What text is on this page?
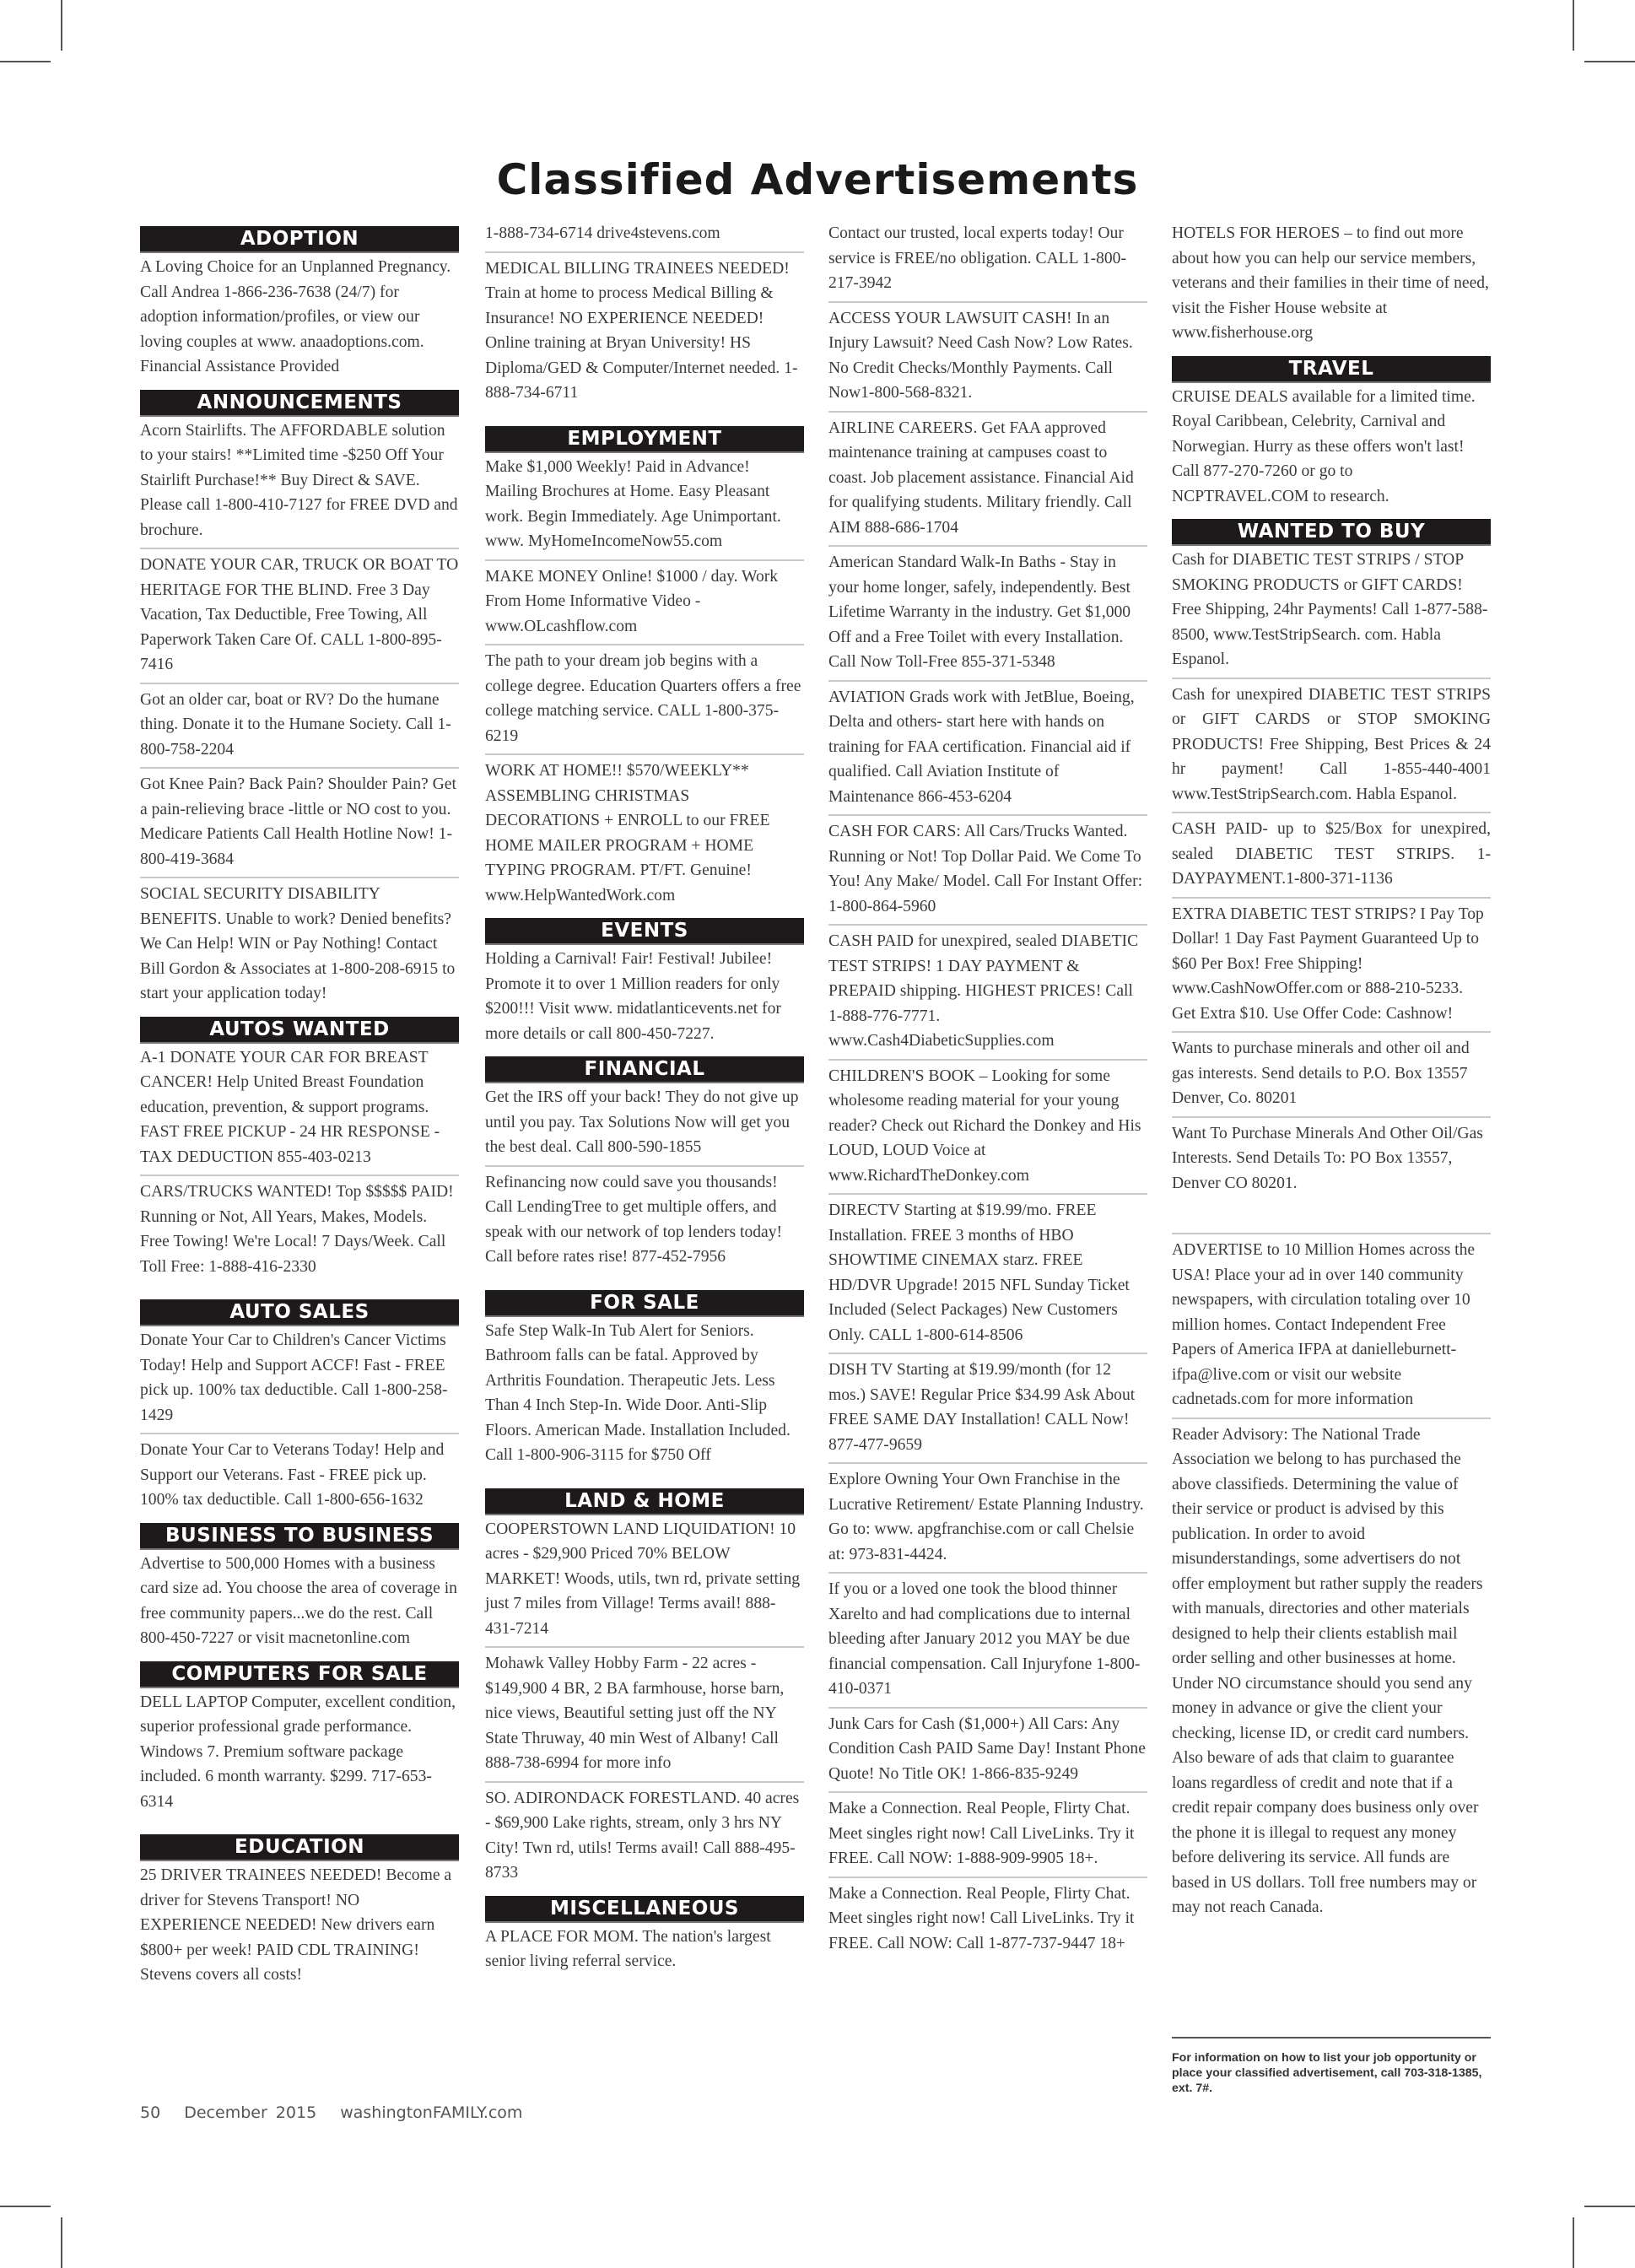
Classified Advertisements
ADOPTION
A Loving Choice for an Unplanned Pregnancy. Call Andrea 1-866-236-7638 (24/7) for adoption information/profiles, or view our loving couples at www. anaadoptions.com. Financial Assistance Provided
ANNOUNCEMENTS
Acorn Stairlifts. The AFFORDABLE solution to your stairs! **Limited time -$250 Off Your Stairlift Purchase!** Buy Direct & SAVE. Please call 1-800-410-7127 for FREE DVD and brochure.
DONATE YOUR CAR, TRUCK OR BOAT TO HERITAGE FOR THE BLIND. Free 3 Day Vacation, Tax Deductible, Free Towing, All Paperwork Taken Care Of. CALL 1-800-895-7416
Got an older car, boat or RV? Do the humane thing. Donate it to the Humane Society. Call 1- 800-758-2204
Got Knee Pain? Back Pain? Shoulder Pain? Get a pain-relieving brace -little or NO cost to you. Medicare Patients Call Health Hotline Now! 1- 800-419-3684
SOCIAL SECURITY DISABILITY BENEFITS. Unable to work? Denied benefits? We Can Help! WIN or Pay Nothing! Contact Bill Gordon & Associates at 1-800-208-6915 to start your application today!
AUTOS WANTED
A-1 DONATE YOUR CAR FOR BREAST CANCER! Help United Breast Foundation education, prevention, & support programs. FAST FREE PICKUP - 24 HR RESPONSE - TAX DEDUCTION 855-403-0213
CARS/TRUCKS WANTED! Top $$$$$ PAID! Running or Not, All Years, Makes, Models. Free Towing! We're Local! 7 Days/Week. Call Toll Free: 1-888-416-2330
AUTO SALES
Donate Your Car to Children's Cancer Victims Today! Help and Support ACCF! Fast - FREE pick up. 100% tax deductible. Call 1-800-258-1429
Donate Your Car to Veterans Today! Help and Support our Veterans. Fast - FREE pick up. 100% tax deductible. Call 1-800-656-1632
BUSINESS TO BUSINESS
Advertise to 500,000 Homes with a business card size ad. You choose the area of coverage in free community papers...we do the rest. Call 800-450-7227 or visit macnetonline.com
COMPUTERS FOR SALE
DELL LAPTOP Computer, excellent condition, superior professional grade performance. Windows 7. Premium software package included. 6 month warranty. $299. 717-653-6314
EDUCATION
25 DRIVER TRAINEES NEEDED! Become a driver for Stevens Transport! NO EXPERIENCE NEEDED! New drivers earn $800+ per week! PAID CDL TRAINING! Stevens covers all costs!
1-888-734-6714 drive4stevens.com
MEDICAL BILLING TRAINEES NEEDED! Train at home to process Medical Billing & Insurance! NO EXPERIENCE NEEDED! Online training at Bryan University! HS Diploma/GED & Computer/Internet needed. 1-888-734-6711
EMPLOYMENT
Make $1,000 Weekly! Paid in Advance! Mailing Brochures at Home. Easy Pleasant work. Begin Immediately. Age Unimportant. www. MyHomeIncomeNow55.com
MAKE MONEY Online! $1000 / day. Work From Home Informative Video - www.OLcashflow.com
The path to your dream job begins with a college degree. Education Quarters offers a free college matching service. CALL 1-800-375-6219
WORK AT HOME!! $570/WEEKLY** ASSEMBLING CHRISTMAS DECORATIONS + ENROLL to our FREE HOME MAILER PROGRAM + HOME TYPING PROGRAM. PT/FT. Genuine! www.HelpWantedWork.com
EVENTS
Holding a Carnival! Fair! Festival! Jubilee! Promote it to over 1 Million readers for only $200!!! Visit www. midatlanticevents.net for more details or call 800-450-7227.
FINANCIAL
Get the IRS off your back! They do not give up until you pay. Tax Solutions Now will get you the best deal. Call 800-590-1855
Refinancing now could save you thousands! Call LendingTree to get multiple offers, and speak with our network of top lenders today! Call before rates rise! 877-452-7956
FOR SALE
Safe Step Walk-In Tub Alert for Seniors. Bathroom falls can be fatal. Approved by Arthritis Foundation. Therapeutic Jets. Less Than 4 Inch Step-In. Wide Door. Anti-Slip Floors. American Made. Installation Included. Call 1-800-906-3115 for $750 Off
LAND & HOME
COOPERSTOWN LAND LIQUIDATION! 10 acres - $29,900 Priced 70% BELOW MARKET! Woods, utils, twn rd, private setting just 7 miles from Village! Terms avail! 888-431-7214
Mohawk Valley Hobby Farm - 22 acres - $149,900 4 BR, 2 BA farmhouse, horse barn, nice views, Beautiful setting just off the NY State Thruway, 40 min West of Albany! Call 888-738-6994 for more info
SO. ADIRONDACK FORESTLAND. 40 acres - $69,900 Lake rights, stream, only 3 hrs NY City! Twn rd, utils! Terms avail! Call 888-495-8733
MISCELLANEOUS
A PLACE FOR MOM. The nation's largest senior living referral service.
Contact our trusted, local experts today! Our service is FREE/no obligation. CALL 1-800-217-3942
ACCESS YOUR LAWSUIT CASH! In an Injury Lawsuit? Need Cash Now? Low Rates. No Credit Checks/Monthly Payments. Call Now1-800-568-8321.
AIRLINE CAREERS. Get FAA approved maintenance training at campuses coast to coast. Job placement assistance. Financial Aid for qualifying students. Military friendly. Call AIM 888-686-1704
American Standard Walk-In Baths - Stay in your home longer, safely, independently. Best Lifetime Warranty in the industry. Get $1,000 Off and a Free Toilet with every Installation. Call Now Toll-Free 855-371-5348
AVIATION Grads work with JetBlue, Boeing, Delta and others- start here with hands on training for FAA certification. Financial aid if qualified. Call Aviation Institute of Maintenance 866-453-6204
CASH FOR CARS: All Cars/Trucks Wanted. Running or Not! Top Dollar Paid. We Come To You! Any Make/ Model. Call For Instant Offer: 1-800-864-5960
CASH PAID for unexpired, sealed DIABETIC TEST STRIPS! 1 DAY PAYMENT & PREPAID shipping. HIGHEST PRICES! Call 1-888-776-7771. www.Cash4DiabeticSupplies.com
CHILDREN'S BOOK – Looking for some wholesome reading material for your young reader? Check out Richard the Donkey and His LOUD, LOUD Voice at www.RichardTheDonkey.com
DIRECTV Starting at $19.99/mo. FREE Installation. FREE 3 months of HBO SHOWTIME CINEMAX starz. FREE HD/DVR Upgrade! 2015 NFL Sunday Ticket Included (Select Packages) New Customers Only. CALL 1-800-614-8506
DISH TV Starting at $19.99/month (for 12 mos.) SAVE! Regular Price $34.99 Ask About FREE SAME DAY Installation! CALL Now! 877-477-9659
Explore Owning Your Own Franchise in the Lucrative Retirement/ Estate Planning Industry. Go to: www. apgfranchise.com or call Chelsie at: 973-831-4424.
If you or a loved one took the blood thinner Xarelto and had complications due to internal bleeding after January 2012 you MAY be due financial compensation. Call Injuryfone 1-800-410-0371
Junk Cars for Cash ($1,000+) All Cars: Any Condition Cash PAID Same Day! Instant Phone Quote! No Title OK! 1-866-835-9249
Make a Connection. Real People, Flirty Chat. Meet singles right now! Call LiveLinks. Try it FREE. Call NOW: 1-888-909-9905 18+.
Make a Connection. Real People, Flirty Chat. Meet singles right now! Call LiveLinks. Try it FREE. Call NOW: Call 1-877-737-9447 18+
HOTELS FOR HEROES – to find out more about how you can help our service members, veterans and their families in their time of need, visit the Fisher House website at www.fisherhouse.org
TRAVEL
CRUISE DEALS available for a limited time. Royal Caribbean, Celebrity, Carnival and Norwegian. Hurry as these offers won't last! Call 877-270-7260 or go to NCPTRAVEL.COM to research.
WANTED TO BUY
Cash for DIABETIC TEST STRIPS / STOP SMOKING PRODUCTS or GIFT CARDS! Free Shipping, 24hr Payments! Call 1-877-588-8500, www.TestStripSearch. com. Habla Espanol.
Cash for unexpired DIABETIC TEST STRIPS or GIFT CARDS or STOP SMOKING PRODUCTS! Free Shipping, Best Prices & 24 hr payment! Call 1-855-440-4001 www.TestStripSearch.com. Habla Espanol.
CASH PAID- up to $25/Box for unexpired, sealed DIABETIC TEST STRIPS. 1-DAYPAYMENT.1-800-371-1136
EXTRA DIABETIC TEST STRIPS? I Pay Top Dollar! 1 Day Fast Payment Guaranteed Up to $60 Per Box! Free Shipping! www.CashNowOffer.com or 888-210-5233. Get Extra $10. Use Offer Code: Cashnow!
Wants to purchase minerals and other oil and gas interests. Send details to P.O. Box 13557 Denver, Co. 80201
Want To Purchase Minerals And Other Oil/Gas Interests. Send Details To: PO Box 13557, Denver CO 80201.
ADVERTISE to 10 Million Homes across the USA! Place your ad in over 140 community newspapers, with circulation totaling over 10 million homes. Contact Independent Free Papers of America IFPA at danielleburnett-ifpa@live.com or visit our website cadnetads.com for more information
Reader Advisory: The National Trade Association we belong to has purchased the above classifieds. Determining the value of their service or product is advised by this publication. In order to avoid misunderstandings, some advertisers do not offer employment but rather supply the readers with manuals, directories and other materials designed to help their clients establish mail order selling and other businesses at home. Under NO circumstance should you send any money in advance or give the client your checking, license ID, or credit card numbers. Also beware of ads that claim to guarantee loans regardless of credit and note that if a credit repair company does business only over the phone it is illegal to request any money before delivering its service. All funds are based in US dollars. Toll free numbers may or may not reach Canada.
For information on how to list your job opportunity or place your classified advertisement, call 703-318-1385, ext. 7#.
50 December 2015 washingtonFAMILY.com
